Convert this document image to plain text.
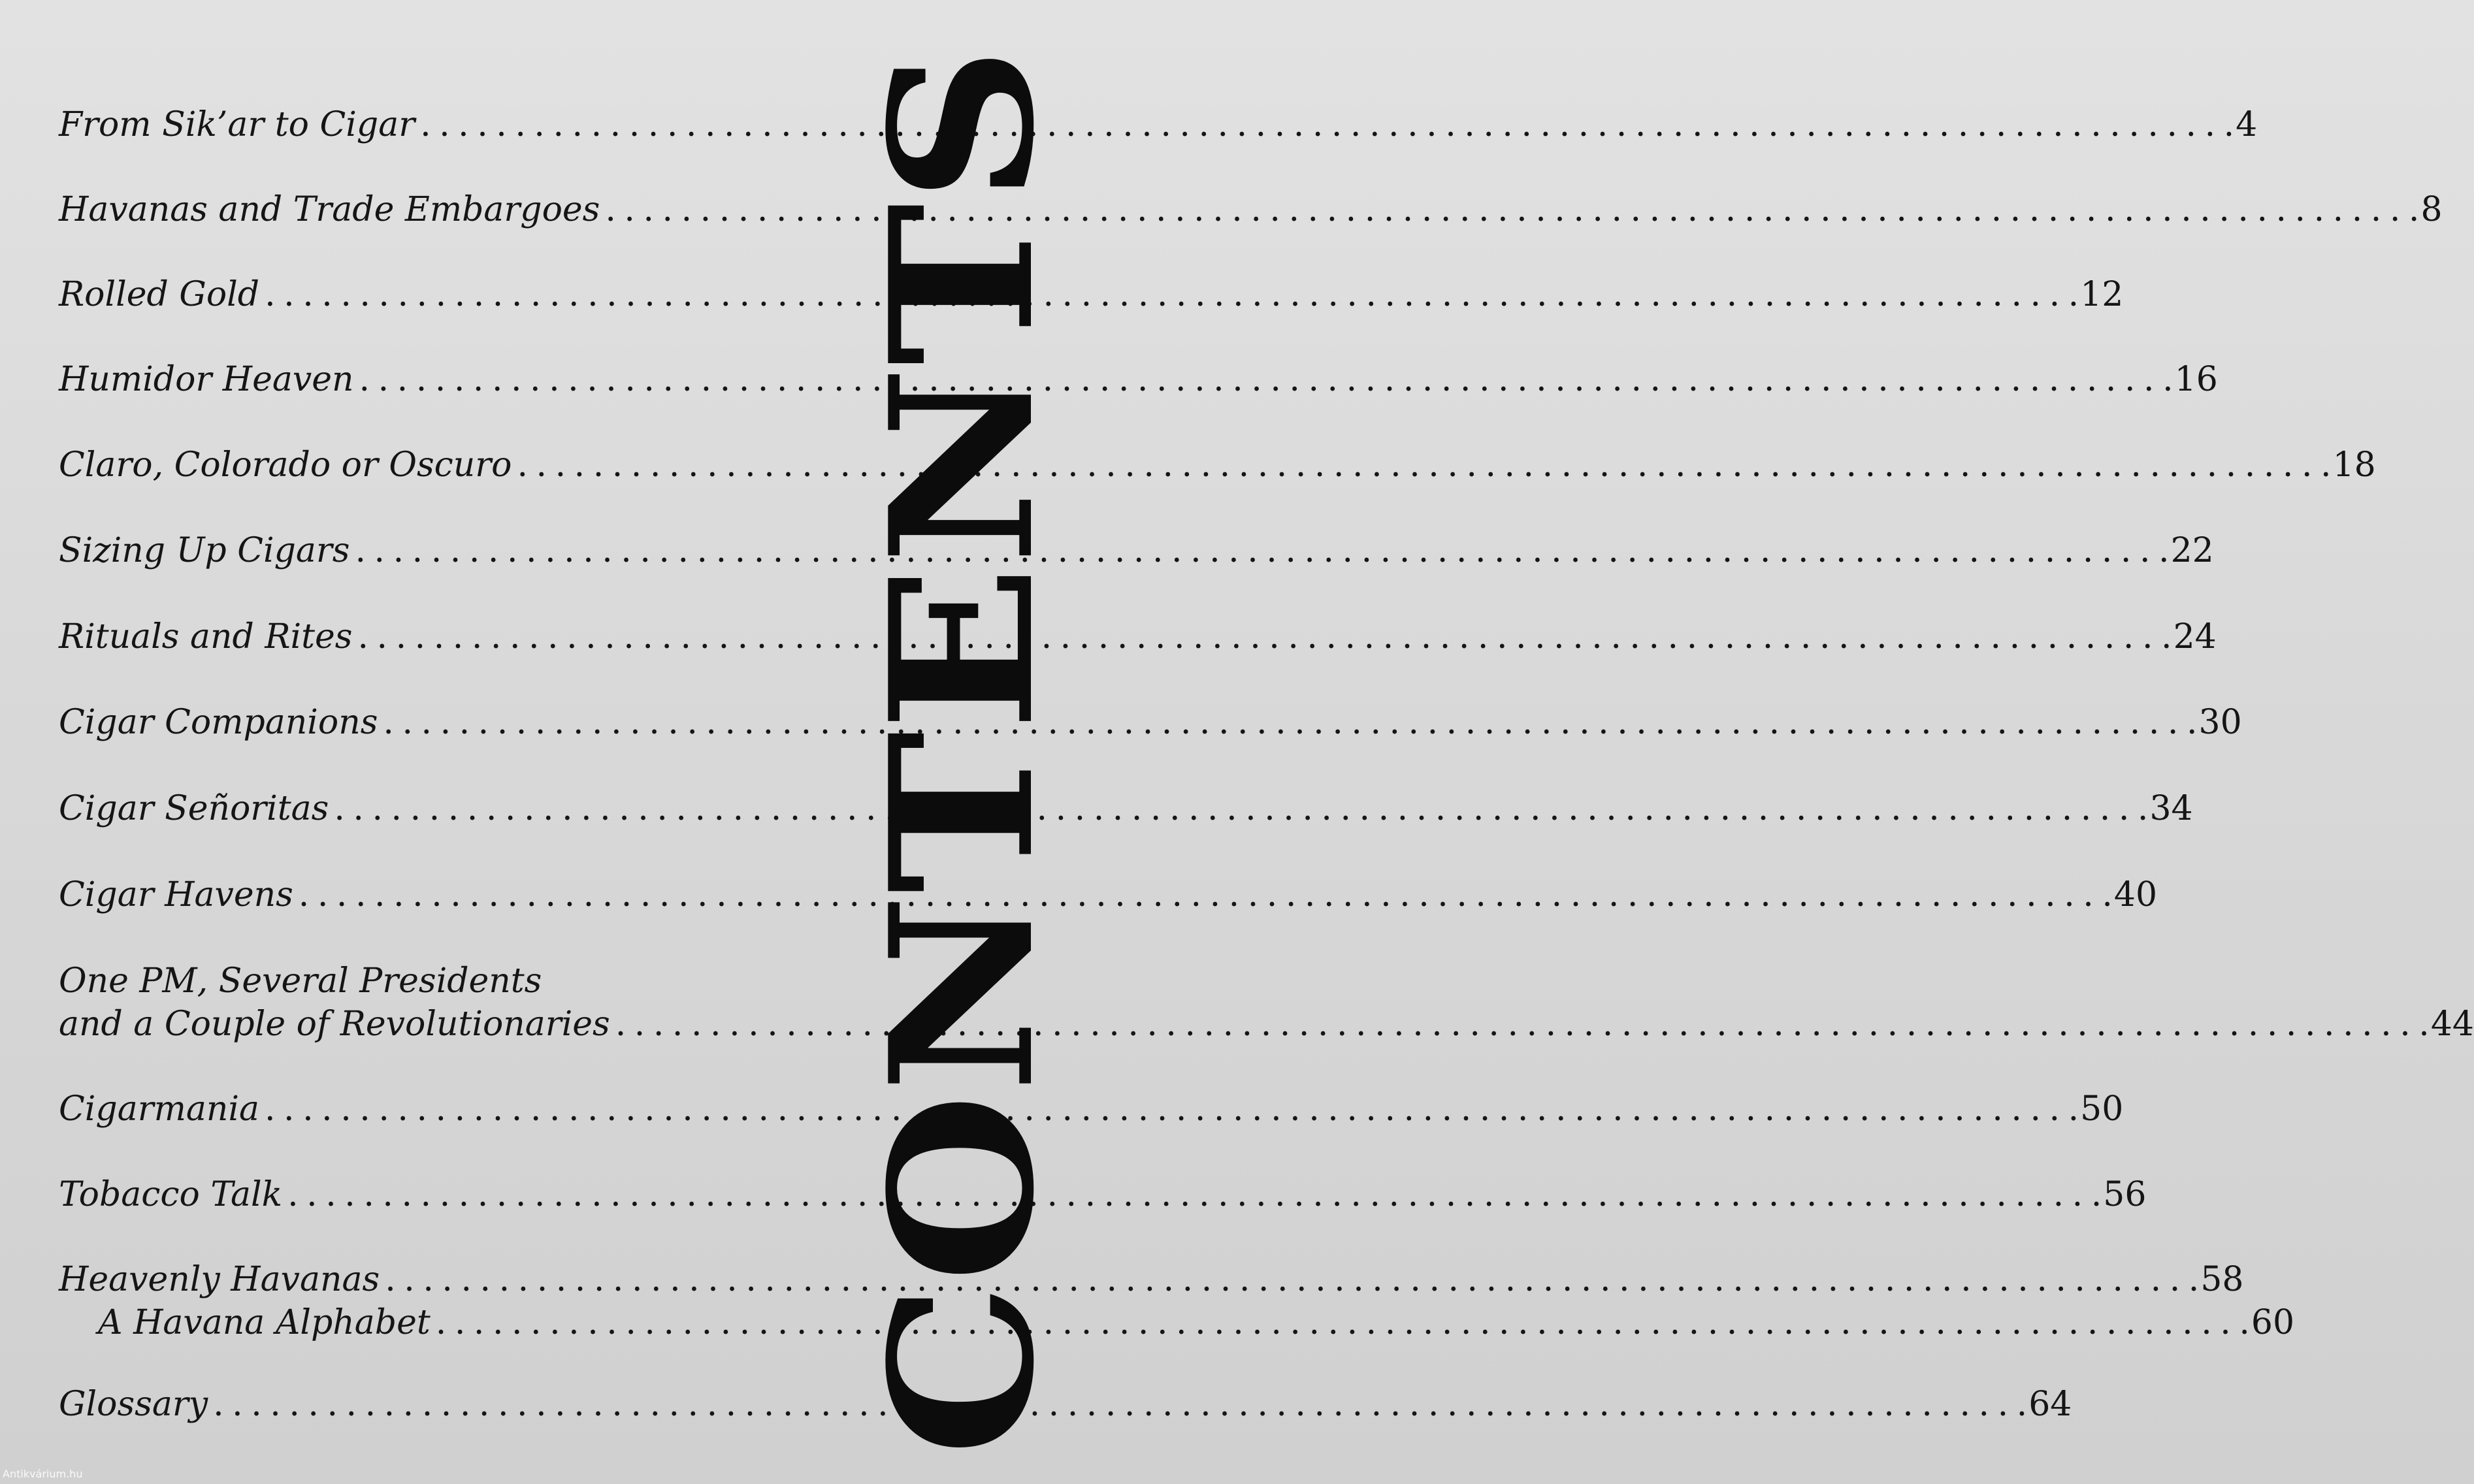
From Sik’ar to Cigar . . .	4
Havanas and Trade Embargoes . . .	8
Rolled Gold . . .	12
Humidor Heaven . . .	16
Claro, Colorado or Oscuro . . .	18
Sizing Up Cigars . . .	22
Rituals and Rites . . .	24
Cigar Companions . . .	30
Cigar Señoritas . . .	34
Cigar Havens . . .	40
One PM, Several Presidents
and a Couple of Revolutionaries . . .	44
Cigarmania . . .	50
Tobacco Talk . . .	56
Heavenly Havanas . . .	58
A Havana Alphabet . . .	60
Glossary . . .	64
CONTENTS
Antikvárium.hu
